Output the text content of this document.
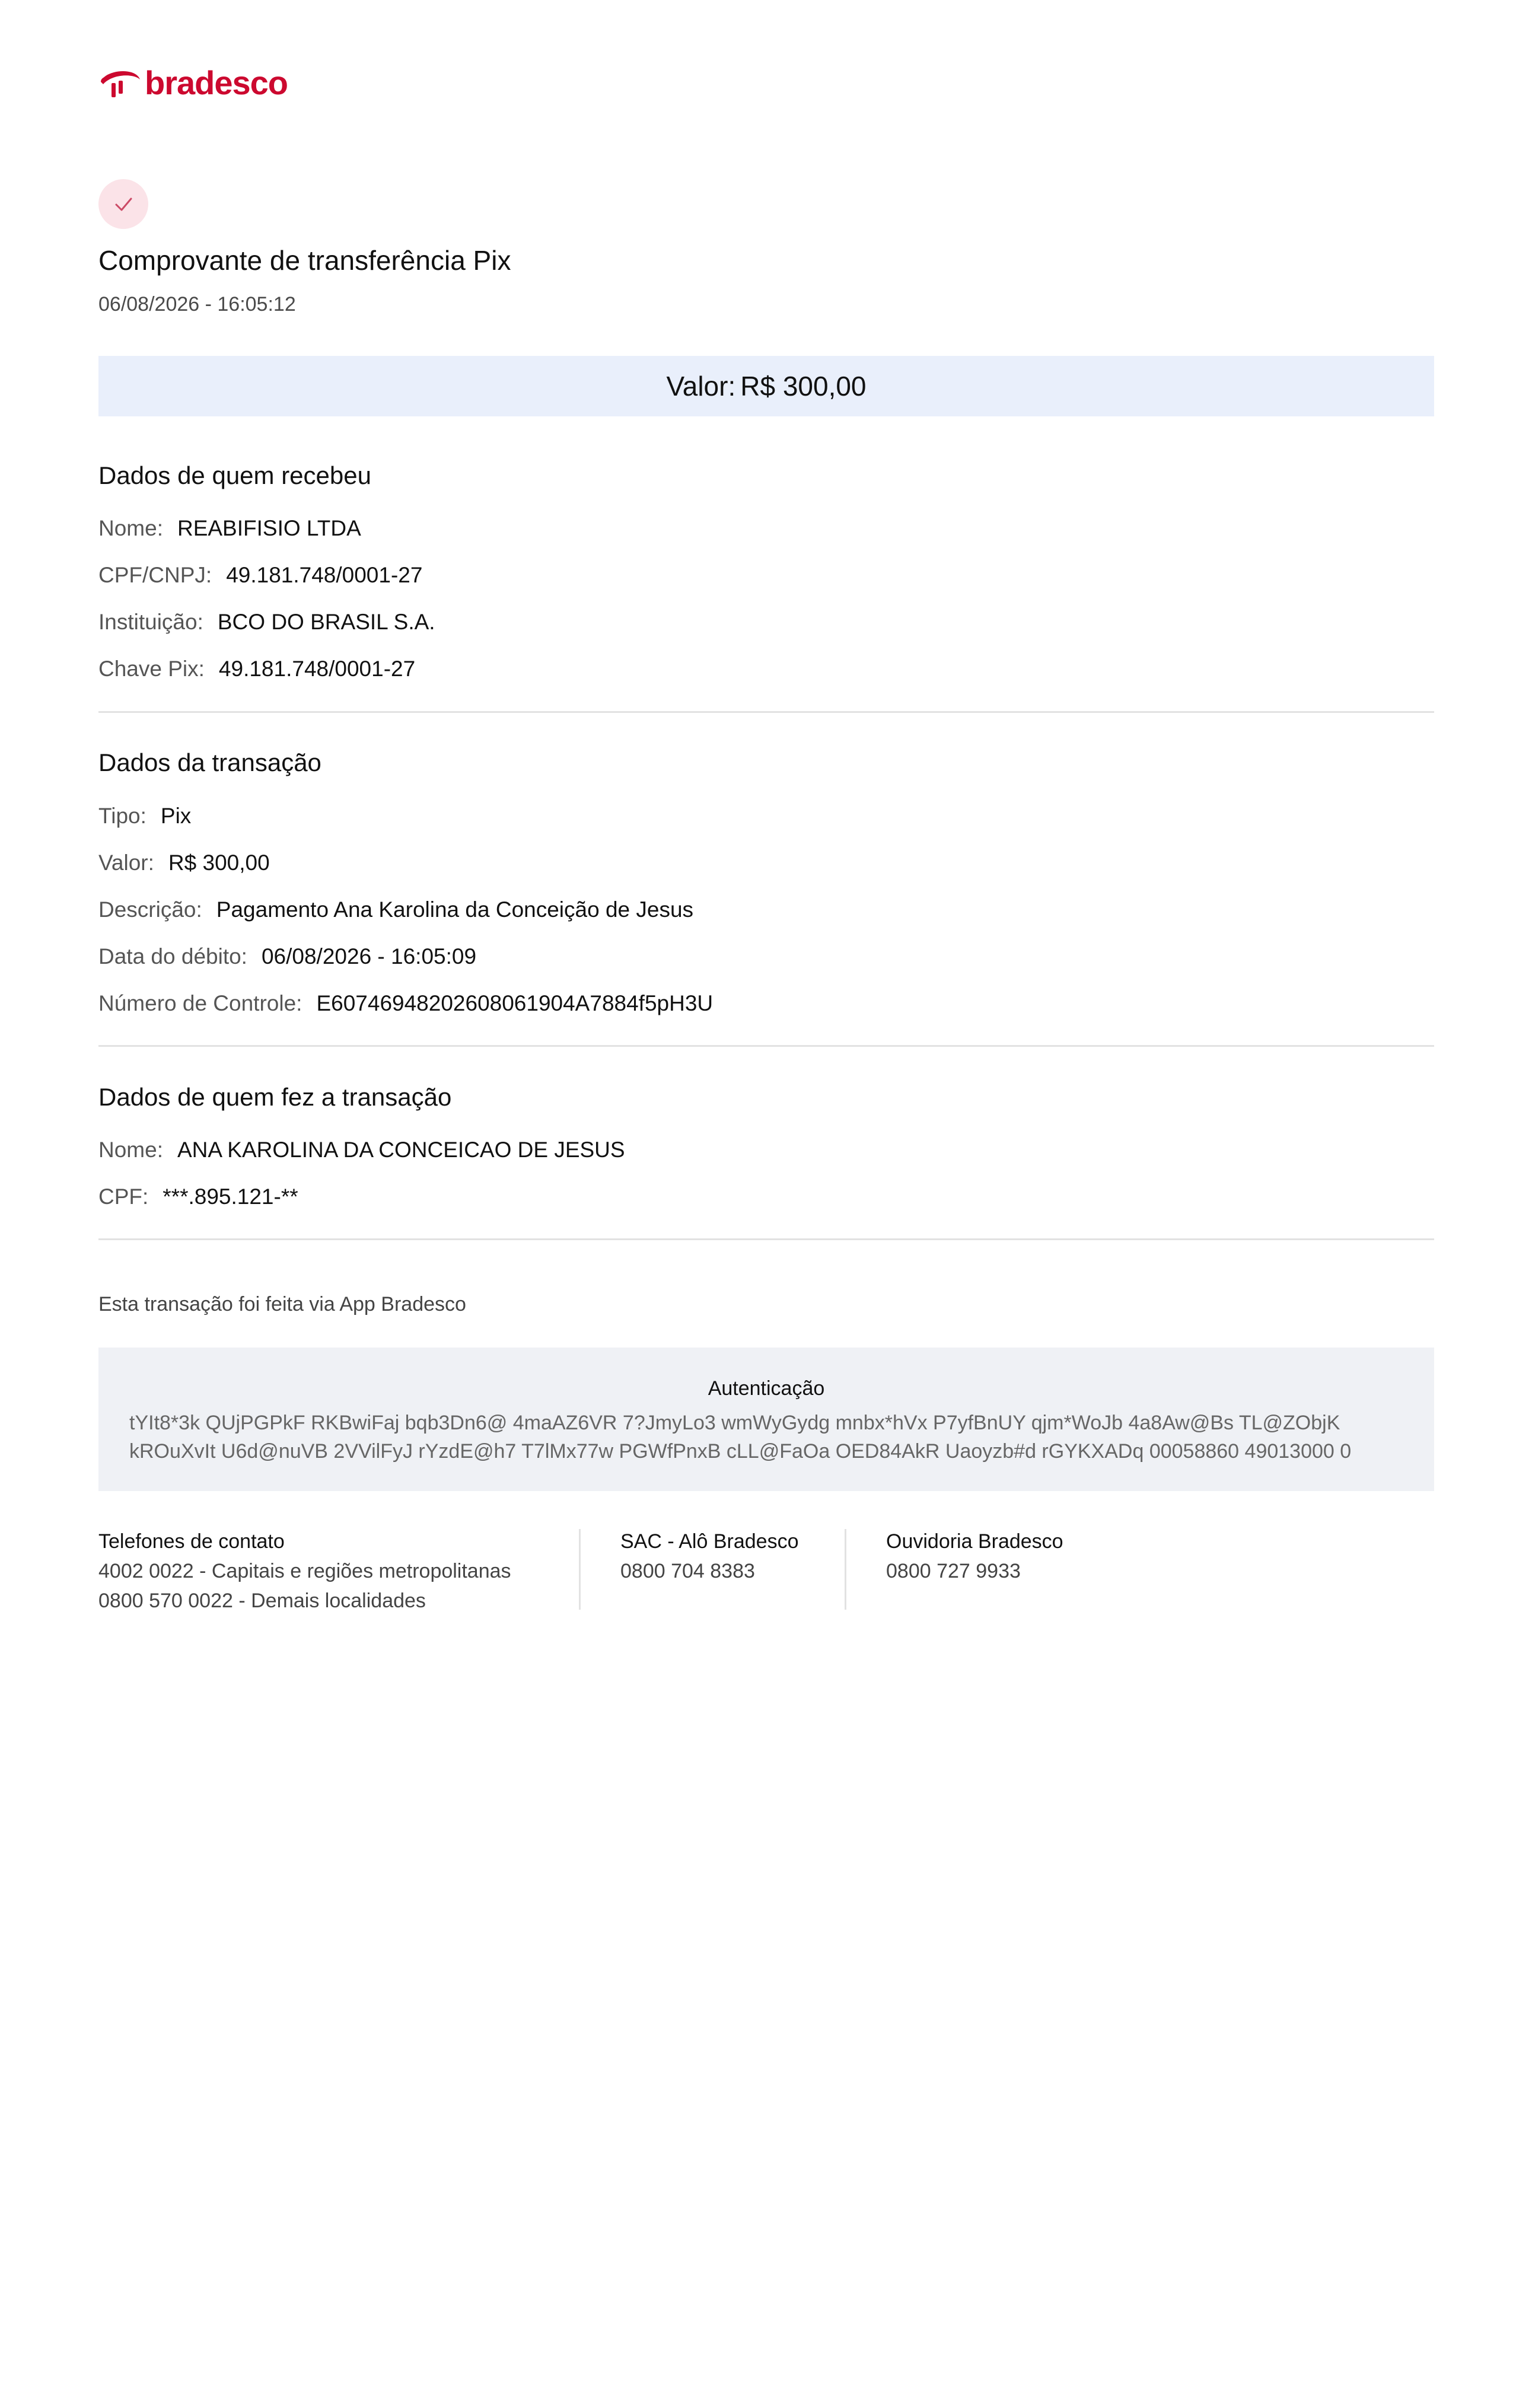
bradesco
Comprovante de transferência Pix
06/08/2026 - 16:05:12
Valor: R$ 300,00
Dados de quem recebeu
Nome: REABIFISIO LTDA
CPF/CNPJ: 49.181.748/0001-27
Instituição: BCO DO BRASIL S.A.
Chave Pix: 49.181.748/0001-27
Dados da transação
Tipo: Pix
Valor: R$ 300,00
Descrição: Pagamento Ana Karolina da Conceição de Jesus
Data do débito: 06/08/2026 - 16:05:09
Número de Controle: E60746948202608061904A7884f5pH3U
Dados de quem fez a transação
Nome: ANA KAROLINA DA CONCEICAO DE JESUS
CPF: ***.895.121-**
Esta transação foi feita via App Bradesco
Autenticação
tYIt8*3k QUjPGPkF RKBwiFaj bqb3Dn6@ 4maAZ6VR 7?JmyLo3 wmWyGydg mnbx*hVx P7yfBnUY qjm*WoJb 4a8Aw@Bs TL@ZObjK
kROuXvIt U6d@nuVB 2VVilFyJ rYzdE@h7 T7lMx77w PGWfPnxB cLL@FaOa OED84AkR Uaoyzb#d rGYKXADq 00058860 49013000 0
Telefones de contato
4002 0022 - Capitais e regiões metropolitanas
0800 570 0022 - Demais localidades
SAC - Alô Bradesco
0800 704 8383
Ouvidoria Bradesco
0800 727 9933
